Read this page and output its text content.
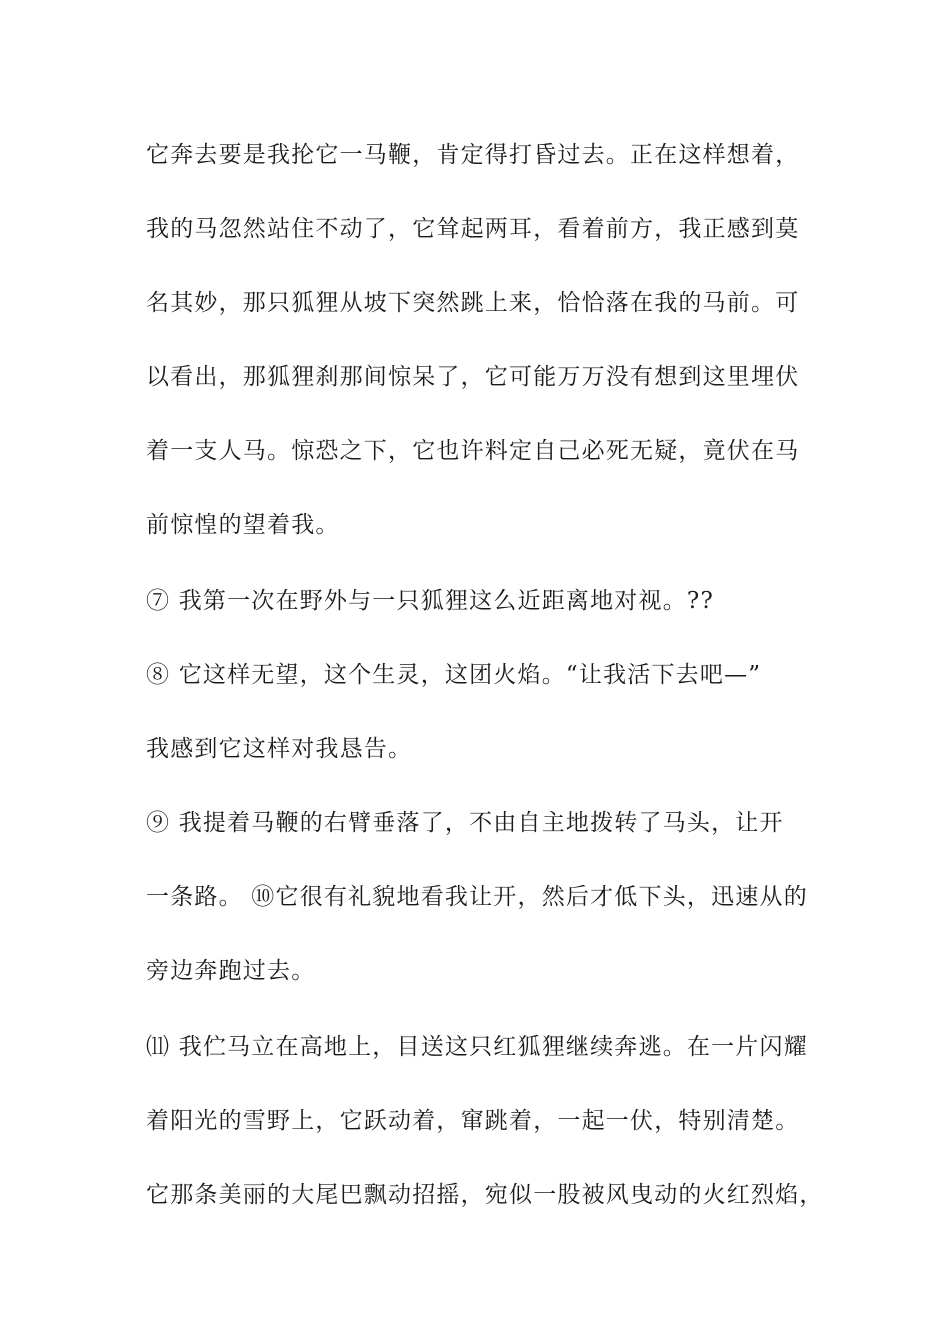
它奔去要是我抡它一马鞭，肯定得打昏过去。正在这样想着，
我的马忽然站住不动了，它耸起两耳，看着前方，我正感到莫
名其妙，那只狐狸从坡下突然跳上来，恰恰落在我的马前。可
以看出，那狐狸刹那间惊呆了，它可能万万没有想到这里埋伏
着一支人马。惊恐之下，它也许料定自己必死无疑，竟伏在马
前惊惶的望着我。
⑦ 我第一次在野外与一只狐狸这么近距离地对视。??
⑧ 它这样无望，这个生灵，这团火焰。“让我活下去吧—”
我感到它这样对我恳告。
⑨ 我提着马鞭的右臂垂落了，不由自主地拨转了马头，让开
一条路。 ⑩它很有礼貌地看我让开，然后才低下头，迅速从的
旁边奔跑过去。
⑾ 我伫马立在高地上，目送这只红狐狸继续奔逃。在一片闪耀
着阳光的雪野上，它跃动着，窜跳着，一起一伏，特别清楚。
它那条美丽的大尾巴飘动招摇，宛似一股被风曳动的火红烈焰，
